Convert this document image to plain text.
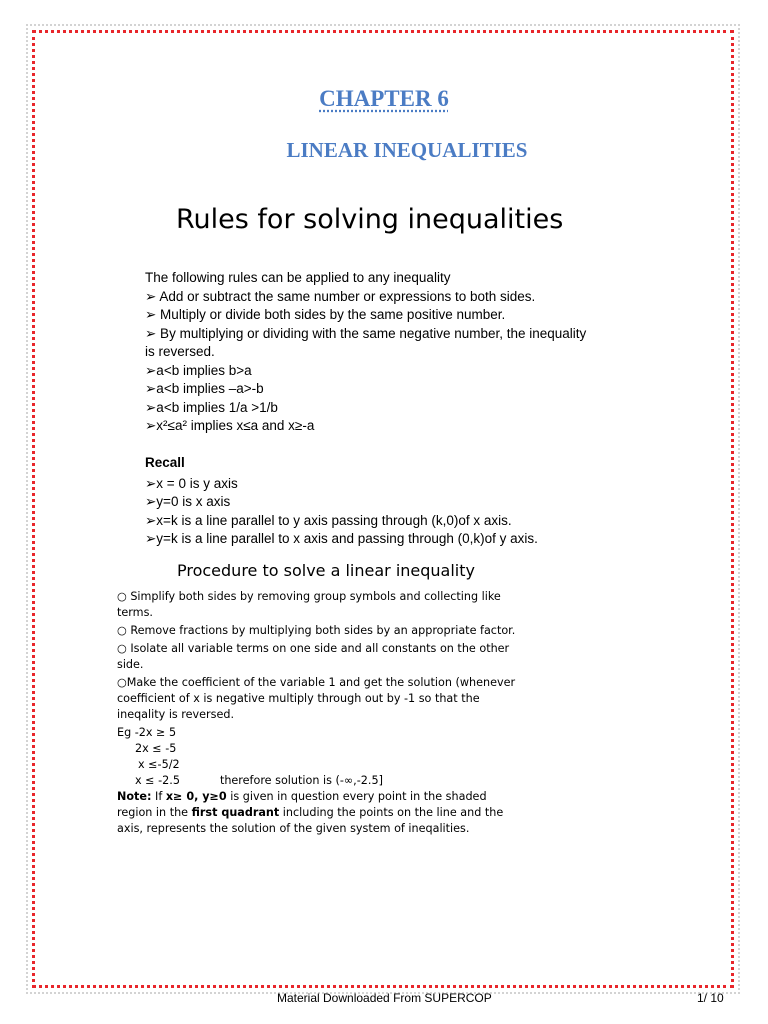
CHAPTER 6
LINEAR INEQUALITIES
Rules for solving inequalities

The following rules can be applied to any inequality

➢ Add or subtract the same number or expressions to both sides.

➢ Multiply or divide both sides by the same positive number.

➢ By multiplying or dividing with the same negative number, the inequality is reversed.

➢a<b implies b>a

➢a<b implies –a>-b

➢a<b implies 1/a >1/b

➢x²≤a² implies x≤a and x≥-a

Recall

➢x = 0 is y axis

➢y=0 is x axis

➢x=k is a line parallel to y axis passing through (k,0)of x axis.

➢y=k is a line parallel to x axis and passing through (0,k)of y axis.

Procedure to solve a linear inequality

○ Simplify both sides by removing group symbols and collecting like terms.

○ Remove fractions by multiplying both sides by an appropriate factor.

○ Isolate all variable terms on one side and all constants on the other side.

○Make the coefficient of the variable 1 and get the solution (whenever coefficient of x is negative multiply through out by -1 so that the ineqality is reversed.

Eg -2x ≥ 5

2x ≤ -5

x ≤-5/2

x ≤ -2.5	therefore solution is (-∞,-2.5]

Note: If x≥ 0, y≥0 is given in question every point in the shaded region in the first quadrant including the points on the line and the axis, represents the solution of the given system of ineqalities.

Material Downloaded From SUPERCOP	1/ 10
